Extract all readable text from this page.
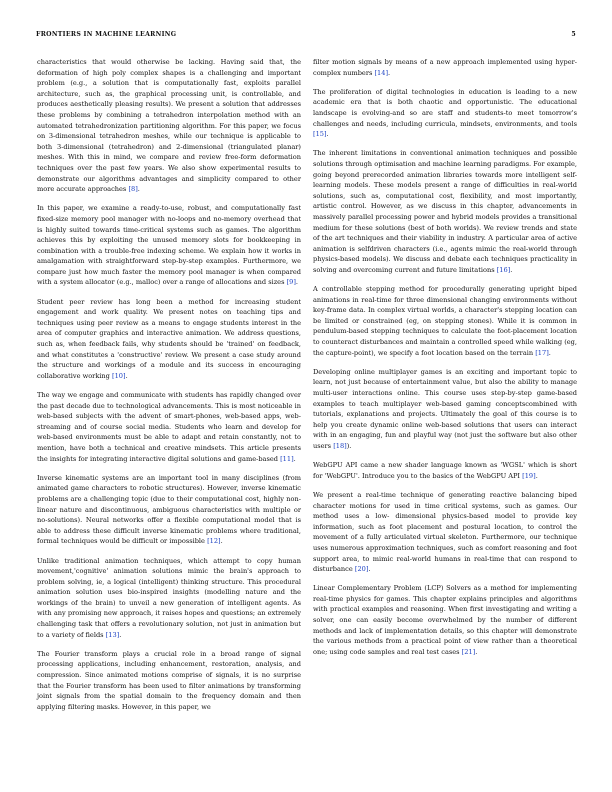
FRONTIERS IN MACHINE LEARNING	5

characteristics that would otherwise be lacking. Having said that, the deformation of high poly complex shapes is a challenging and important problem (e.g., a solution that is computationally fast, exploits parallel architecture, such as, the graphical processing unit, is controllable, and produces aesthetically pleasing results). We present a solution that addresses these problems by combining a tetrahedron interpolation method with an automated tetrahedronization partitioning algorithm. For this paper, we focus on 3-dimensional tetrahedron meshes, while our technique is applicable to both 3-dimensional (tetrahedron) and 2-dimensional (triangulated planar) meshes. With this in mind, we compare and review free-form deformation techniques over the past few years. We also show experimental results to demonstrate our algorithms advantages and simplicity compared to other more accurate approaches [8].

In this paper, we examine a ready-to-use, robust, and computationally fast fixed-size memory pool manager with no-loops and no-memory overhead that is highly suited towards time-critical systems such as games. The algorithm achieves this by exploiting the unused memory slots for bookkeeping in combination with a trouble-free indexing scheme. We explain how it works in amalgamation with straightforward step-by-step examples. Furthermore, we compare just how much faster the memory pool manager is when compared with a system allocator (e.g., malloc) over a range of allocations and sizes [9].

Student peer review has long been a method for increasing student engagement and work quality. We present notes on teaching tips and techniques using peer review as a means to engage students interest in the area of computer graphics and interactive animation. We address questions, such as, when feedback fails, why students should be 'trained' on feedback, and what constitutes a 'constructive' review. We present a case study around the structure and workings of a module and its success in encouraging collaborative working [10].

The way we engage and communicate with students has rapidly changed over the past decade due to technological advancements. This is most noticeable in web-based subjects with the advent of smart-phones, web-based apps, web-streaming and of course social media. Students who learn and develop for web-based environments must be able to adapt and retain constantly, not to mention, have both a technical and creative mindsets. This article presents the insights for integrating interactive digital solutions and game-based [11].

Inverse kinematic systems are an important tool in many disciplines (from animated game characters to robotic structures). However, inverse kinematic problems are a challenging topic (due to their computational cost, highly non-linear nature and discontinuous, ambiguous characteristics with multiple or no-solutions). Neural networks offer a flexible computational model that is able to address these difficult inverse kinematic problems where traditional, formal techniques would be difficult or impossible [12].

Unlike traditional animation techniques, which attempt to copy human movement,'cognitive' animation solutions mimic the brain's approach to problem solving, ie, a logical (intelligent) thinking structure. This procedural animation solution uses bio-inspired insights (modelling nature and the workings of the brain) to unveil a new generation of intelligent agents. As with any promising new approach, it raises hopes and questions; an extremely challenging task that offers a revolutionary solution, not just in animation but to a variety of fields [13].

The Fourier transform plays a crucial role in a broad range of signal processing applications, including enhancement, restoration, analysis, and compression. Since animated motions comprise of signals, it is no surprise that the Fourier transform has been used to filter animations by transforming joint signals from the spatial domain to the frequency domain and then applying filtering masks. However, in this paper, we

filter motion signals by means of a new approach implemented using hyper-complex numbers [14].

The proliferation of digital technologies in education is leading to a new academic era that is both chaotic and opportunistic. The educational landscape is evolving-and so are staff and students-to meet tomorrow's challenges and needs, including curricula, mindsets, environments, and tools [15].

The inherent limitations in conventional animation techniques and possible solutions through optimisation and machine learning paradigms. For example, going beyond prerecorded animation libraries towards more intelligent self-learning models. These models present a range of difficulties in real-world solutions, such as, computational cost, flexibility, and most importantly, artistic control. However, as we discuss in this chapter, advancements in massively parallel processing power and hybrid models provides a transitional medium for these solutions (best of both worlds). We review trends and state of the art techniques and their viability in industry. A particular area of active animation is selfdriven characters (i.e., agents mimic the real-world through physics-based models). We discuss and debate each techniques practicality in solving and overcoming current and future limitations [16].

A controllable stepping method for procedurally generating upright biped animations in real-time for three dimensional changing environments without key-frame data. In complex virtual worlds, a character's stepping location can be limited or constrained (eg, on stepping stones). While it is common in pendulum-based stepping techniques to calculate the foot-placement location to counteract disturbances and maintain a controlled speed while walking (eg, the capture-point), we specify a foot location based on the terrain [17].

Developing online multiplayer games is an exciting and important topic to learn, not just because of entertainment value, but also the ability to manage multi-user interactions online. This course uses step-by-step game-based examples to teach multiplayer web-based gaming conceptscombined with tutorials, explanations and projects. Ultimately the goal of this course is to help you create dynamic online web-based solutions that users can interact with in an engaging, fun and playful way (not just the software but also other users [18]).

WebGPU API came a new shader language known as 'WGSL' which is short for 'WebGPU'. Introduce you to the basics of the WebGPU API [19].

We present a real-time technique of generating reactive balancing biped character motions for used in time critical systems, such as games. Our method uses a low- dimensional physics-based model to provide key information, such as foot placement and postural location, to control the movement of a fully articulated virtual skeleton. Furthermore, our technique uses numerous approximation techniques, such as comfort reasoning and foot support area, to mimic real-world humans in real-time that can respond to disturbance [20].

Linear Complementary Problem (LCP) Solvers as a method for implementing real-time physics for games. This chapter explains principles and algorithms with practical examples and reasoning. When first investigating and writing a solver, one can easily become overwhelmed by the number of different methods and lack of implementation details, so this chapter will demonstrate the various methods from a practical point of view rather than a theoretical one; using code samples and real test cases [21].
